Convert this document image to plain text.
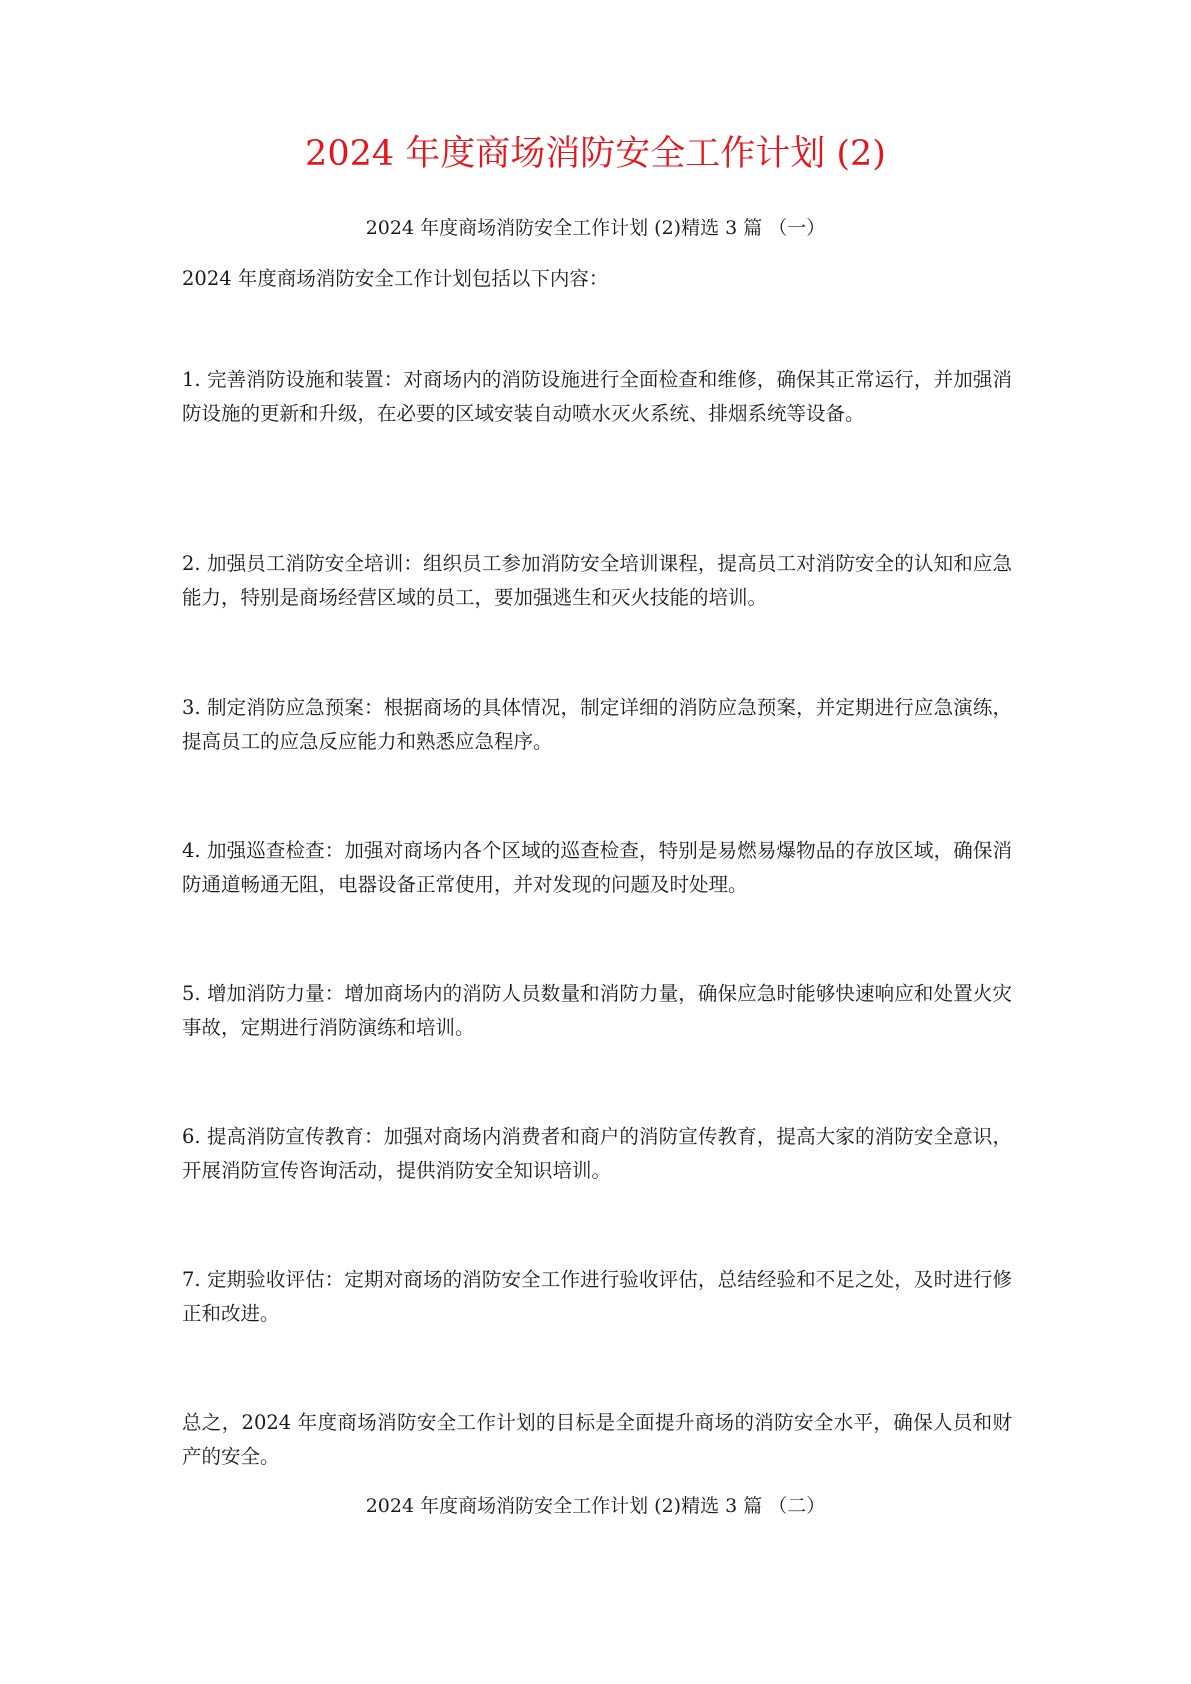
2024 年度商场消防安全工作计划 (2)
2024 年度商场消防安全工作计划 (2)精选 3 篇 （一）
2024 年度商场消防安全工作计划包括以下内容：
1. 完善消防设施和装置：对商场内的消防设施进行全面检查和维修，确保其正常运行，并加强消防设施的更新和升级，在必要的区域安装自动喷水灭火系统、排烟系统等设备。
2. 加强员工消防安全培训：组织员工参加消防安全培训课程，提高员工对消防安全的认知和应急能力，特别是商场经营区域的员工，要加强逃生和灭火技能的培训。
3. 制定消防应急预案：根据商场的具体情况，制定详细的消防应急预案，并定期进行应急演练，提高员工的应急反应能力和熟悉应急程序。
4. 加强巡查检查：加强对商场内各个区域的巡查检查，特别是易燃易爆物品的存放区域，确保消防通道畅通无阻，电器设备正常使用，并对发现的问题及时处理。
5. 增加消防力量：增加商场内的消防人员数量和消防力量，确保应急时能够快速响应和处置火灾事故，定期进行消防演练和培训。
6. 提高消防宣传教育：加强对商场内消费者和商户的消防宣传教育，提高大家的消防安全意识，开展消防宣传咨询活动，提供消防安全知识培训。
7. 定期验收评估：定期对商场的消防安全工作进行验收评估，总结经验和不足之处，及时进行修正和改进。
总之，2024 年度商场消防安全工作计划的目标是全面提升商场的消防安全水平，确保人员和财产的安全。
2024 年度商场消防安全工作计划 (2)精选 3 篇 （二）
